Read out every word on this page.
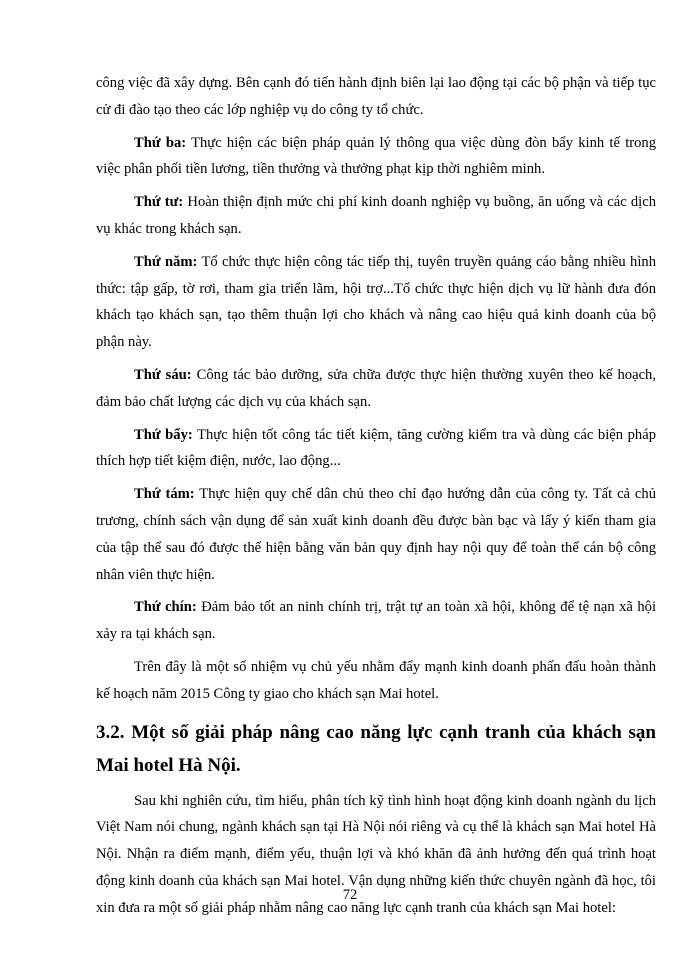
công việc đã xây dựng. Bên cạnh đó tiến hành định biên lại lao động tại các bộ phận và tiếp tục cử đi đào tạo theo các lớp nghiệp vụ do công ty tổ chức.

Thứ ba: Thực hiện các biện pháp quản lý thông qua việc dùng đòn bẩy kinh tế trong việc phân phối tiền lương, tiền thưởng và thưởng phạt kịp thời nghiêm minh.

Thứ tư: Hoàn thiện định mức chi phí kinh doanh nghiệp vụ buồng, ăn uống và các dịch vụ khác trong khách sạn.

Thứ năm: Tổ chức thực hiện công tác tiếp thị, tuyên truyền quảng cáo bằng nhiều hình thức: tập gấp, tờ rơi, tham gia triển lãm, hội trợ...Tổ chức thực hiện dịch vụ lữ hành đưa đón khách tạo khách sạn, tạo thêm thuận lợi cho khách và nâng cao hiệu quả kinh doanh của bộ phận này.

Thứ sáu: Công tác bảo dưỡng, sửa chữa được thực hiện thường xuyên theo kế hoạch, đảm bảo chất lượng các dịch vụ của khách sạn.

Thứ bẩy: Thực hiện tốt công tác tiết kiệm, tăng cường kiểm tra và dùng các biện pháp thích hợp tiết kiệm điện, nước, lao động...

Thứ tám: Thực hiện quy chế dân chủ theo chỉ đạo hướng dẫn của công ty. Tất cả chủ trương, chính sách vận dụng để sản xuất kinh doanh đều được bàn bạc và lấy ý kiến tham gia của tập thể sau đó được thể hiện bằng văn bản quy định hay nội quy để toàn thể cán bộ công nhân viên thực hiện.

Thứ chín: Đảm bảo tốt an ninh chính trị, trật tự an toàn xã hội, không để tệ nạn xã hội xảy ra tại khách sạn.

Trên đây là một số nhiệm vụ chủ yếu nhằm đẩy mạnh kinh doanh phấn đấu hoàn thành kế hoạch năm 2015 Công ty giao cho khách sạn Mai hotel.

3.2. Một số giải pháp nâng cao năng lực cạnh tranh của khách sạn Mai hotel Hà Nội.

Sau khi nghiên cứu, tìm hiểu, phân tích kỹ tình hình hoạt động kinh doanh ngành du lịch Việt Nam nói chung, ngành khách sạn tại Hà Nội nói riêng và cụ thể là khách sạn Mai hotel Hà Nội. Nhận ra điểm mạnh, điểm yếu, thuận lợi và khó khăn đã ảnh hưởng đến quá trình hoạt động kinh doanh của khách sạn Mai hotel. Vận dụng những kiến thức chuyên ngành đã học, tôi xin đưa ra một số giải pháp nhằm nâng cao năng lực cạnh tranh của khách sạn Mai hotel:

72
